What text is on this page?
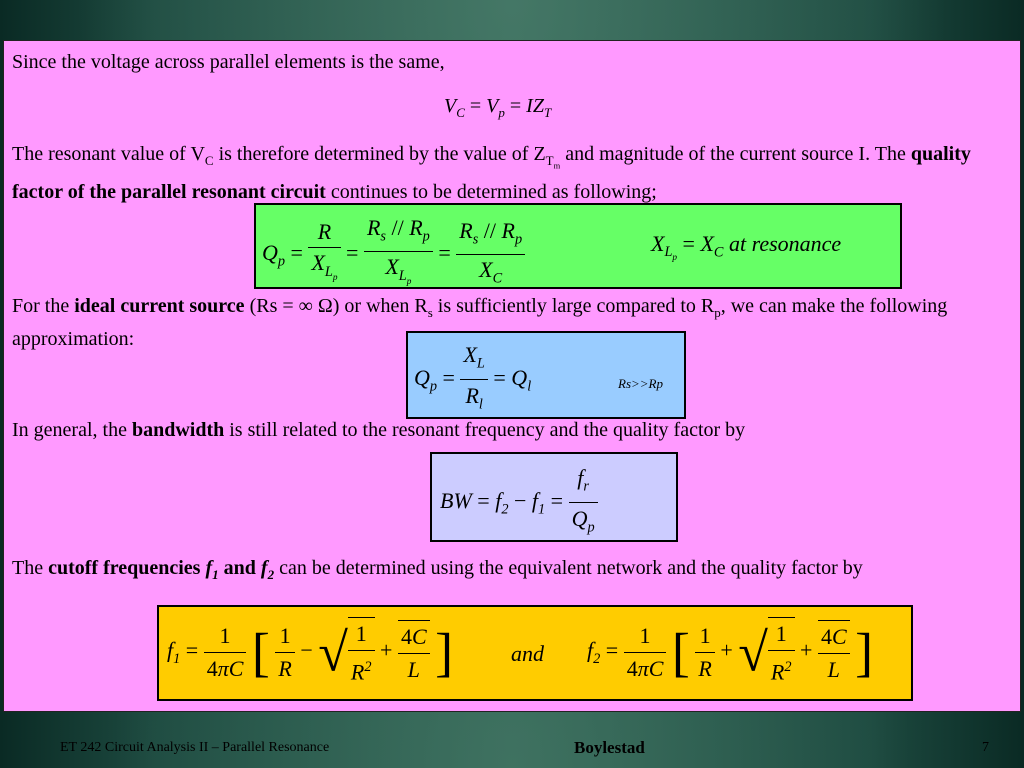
Since the voltage across parallel elements is the same,

$V_C = V_p = IZ_T$

The resonant value of $V_C$ is therefore determined by the value of $Z_{T_m}$ and magnitude of the current source I. The quality factor of the parallel resonant circuit continues to be determined as following;

$Q_p = \frac{R}{X_{L_p}} = \frac{R_s // R_p}{X_{L_p}} = \frac{R_s // R_p}{X_C}$	$X_{L_p} = X_C$ at resonance

For the ideal current source (Rs = ∞ Ω) or when $R_s$ is sufficiently large compared to $R_p$, we can make the following approximation:

$Q_p = \frac{X_L}{R_l} = Q_l$	Rs>>Rp

In general, the bandwidth is still related to the resonant frequency and the quality factor by

BW = $f_2 - f_1 = \frac{f_r}{Q_p}$

The cutoff frequencies $f_1$ and $f_2$ can be determined using the equivalent network and the quality factor by

$f_1 = \frac{1}{4\pi C}$ [ $\frac{1}{R}$ − √ $\frac{1}{R^2} + \frac{4C}{L}$ ]	and $f_2 = \frac{1}{4\pi C}$ [ $\frac{1}{R}$ + √ $\frac{1}{R^2} + \frac{4C}{L}$ ]
ET 242 Circuit Analysis II – Parallel Resonance	Boylestad	7
